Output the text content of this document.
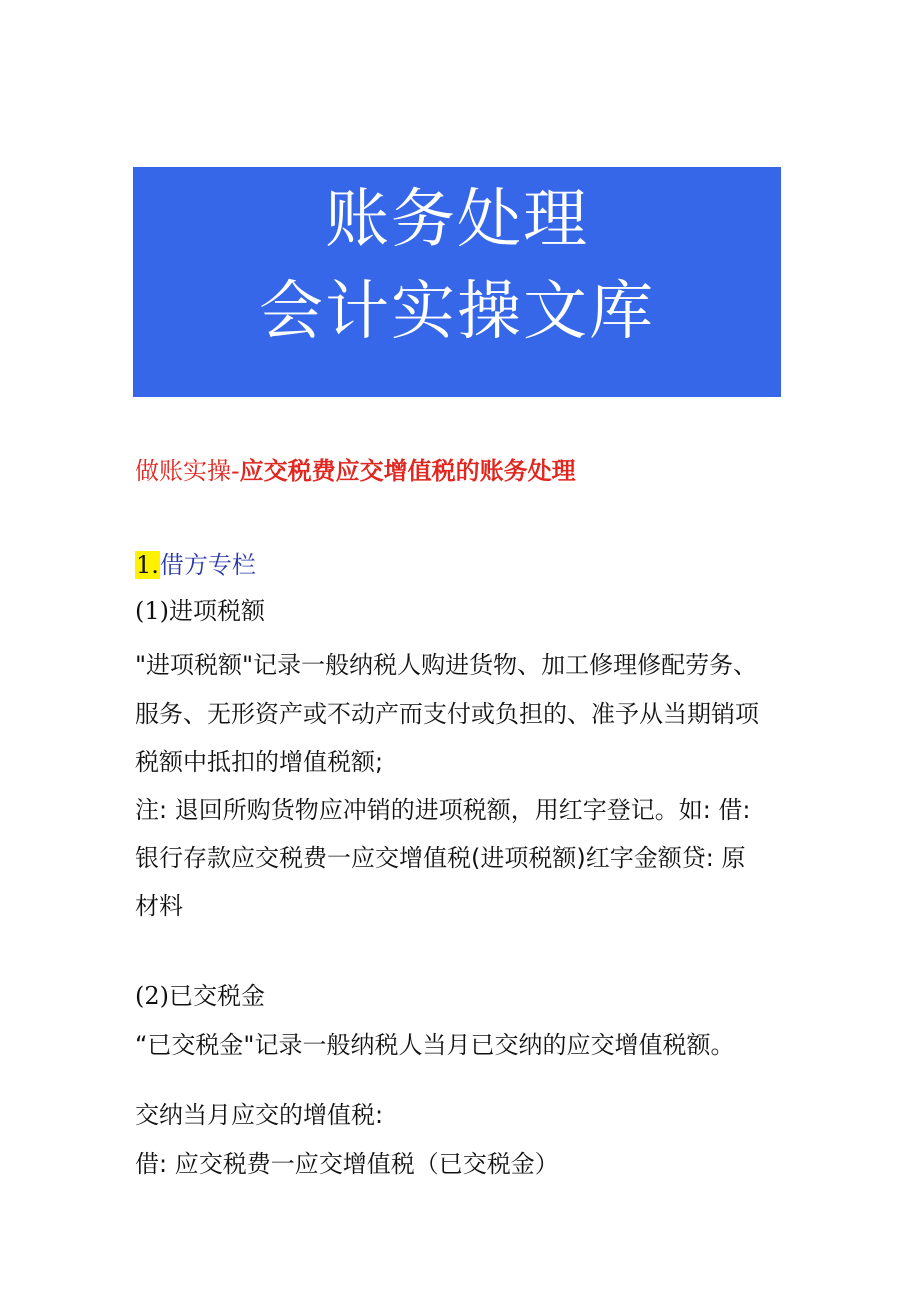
账务处理
会计实操文库
做账实操-应交税费应交增值税的账务处理
1.借方专栏
(1)进项税额
"进项税额"记录一般纳税人购进货物、加工修理修配劳务、
服务、无形资产或不动产而支付或负担的、准予从当期销项
税额中抵扣的增值税额;
注: 退回所购货物应冲销的进项税额，用红字登记。如: 借:
银行存款应交税费一应交增值税(进项税额)红字金额贷: 原
材料
(2)已交税金
“已交税金"记录一般纳税人当月已交纳的应交增值税额。
交纳当月应交的增值税:
借: 应交税费一应交增值税（已交税金）
